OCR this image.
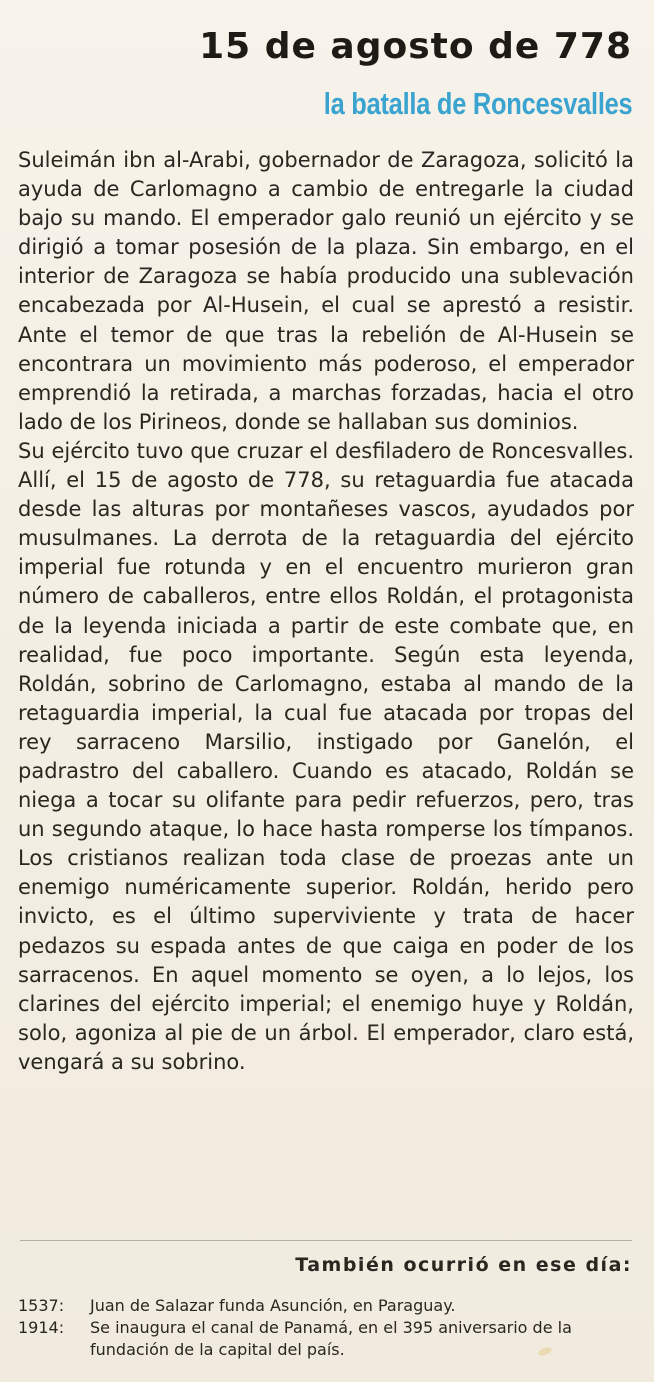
15 de agosto de 778
la batalla de Roncesvalles

Suleimán ibn al-Arabi, gobernador de Zaragoza, solicitó la ayuda de Carlomagno a cambio de entregarle la ciudad bajo su mando. El emperador galo reunió un ejército y se dirigió a tomar posesión de la plaza. Sin embargo, en el interior de Zaragoza se había producido una sublevación encabezada por Al-Husein, el cual se aprestó a resistir. Ante el temor de que tras la rebelión de Al-Husein se encontrara un movimiento más poderoso, el emperador emprendió la retirada, a marchas forzadas, hacia el otro lado de los Pirineos, donde se hallaban sus dominios.

Su ejército tuvo que cruzar el desfiladero de Roncesvalles. Allí, el 15 de agosto de 778, su retaguardia fue atacada desde las alturas por montañeses vascos, ayudados por musulmanes. La derrota de la retaguardia del ejército imperial fue rotunda y en el encuentro murieron gran número de caballeros, entre ellos Roldán, el protagonista de la leyenda iniciada a partir de este combate que, en realidad, fue poco importante. Según esta leyenda, Roldán, sobrino de Carlomagno, estaba al mando de la retaguardia imperial, la cual fue atacada por tropas del rey sarraceno Marsilio, instigado por Ganelón, el padrastro del caballero. Cuando es atacado, Roldán se niega a tocar su olifante para pedir refuerzos, pero, tras un segundo ataque, lo hace hasta romperse los tímpanos. Los cristianos realizan toda clase de proezas ante un enemigo numéricamente superior. Roldán, herido pero invicto, es el último superviviente y trata de hacer pedazos su espada antes de que caiga en poder de los sarracenos. En aquel momento se oyen, a lo lejos, los clarines del ejército imperial; el enemigo huye y Roldán, solo, agoniza al pie de un árbol. El emperador, claro está, vengará a su sobrino.

También ocurrió en ese día:
1537:	Juan de Salazar funda Asunción, en Paraguay.
1914:	Se inaugura el canal de Panamá, en el 395 aniversario de la fundación de la capital del país.
